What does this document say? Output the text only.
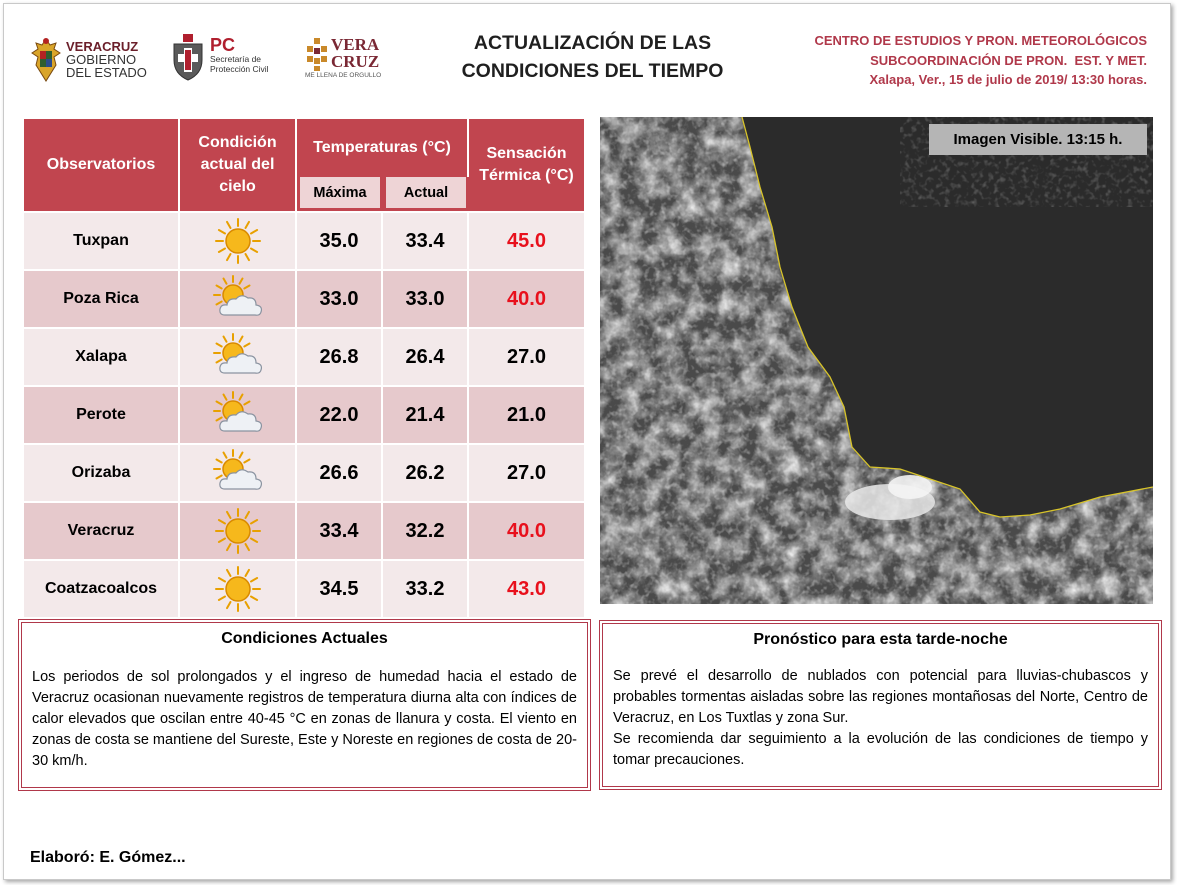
VERACRUZ
GOBIERNO
DEL ESTADO
PC
Secretaría de
Protección Civil
VERA
CRUZ
ME LLENA DE ORGULLO
ACTUALIZACIÓN DE LAS
CONDICIONES DEL TIEMPO
CENTRO DE ESTUDIOS Y PRON. METEOROLÓGICOS
SUBCOORDINACIÓN DE PRON.  EST. Y MET.
Xalapa, Ver., 15 de julio de 2019/ 13:30 horas.
Observatorios	Condición actual del cielo	Temperaturas (°C)		Sensación Térmica (°C)
		Máxima	Actual	
Tuxpan		35.0	33.4	45.0
Poza Rica		33.0	33.0	40.0
Xalapa		26.8	26.4	27.0
Perote		22.0	21.4	21.0
Orizaba		26.6	26.2	27.0
Veracruz		33.4	32.2	40.0
Coatzacoalcos		34.5	33.2	43.0
Imagen Visible. 13:15 h.
Condiciones Actuales
Los periodos de sol prolongados y el ingreso de humedad hacia el estado de Veracruz ocasionan nuevamente registros de temperatura diurna alta con índices de calor elevados que oscilan entre 40-45 °C en zonas de llanura y costa. El viento en zonas de costa se mantiene del Sureste, Este y Noreste en regiones de costa de 20-30 km/h.
Pronóstico para esta tarde-noche
Se prevé el desarrollo de nublados con potencial para lluvias-chubascos y probables tormentas aisladas sobre las regiones montañosas del Norte, Centro de Veracruz, en Los Tuxtlas y zona Sur.
Se recomienda dar seguimiento a la evolución de las condiciones de tiempo y tomar precauciones.
Elaboró: E. Gómez...
